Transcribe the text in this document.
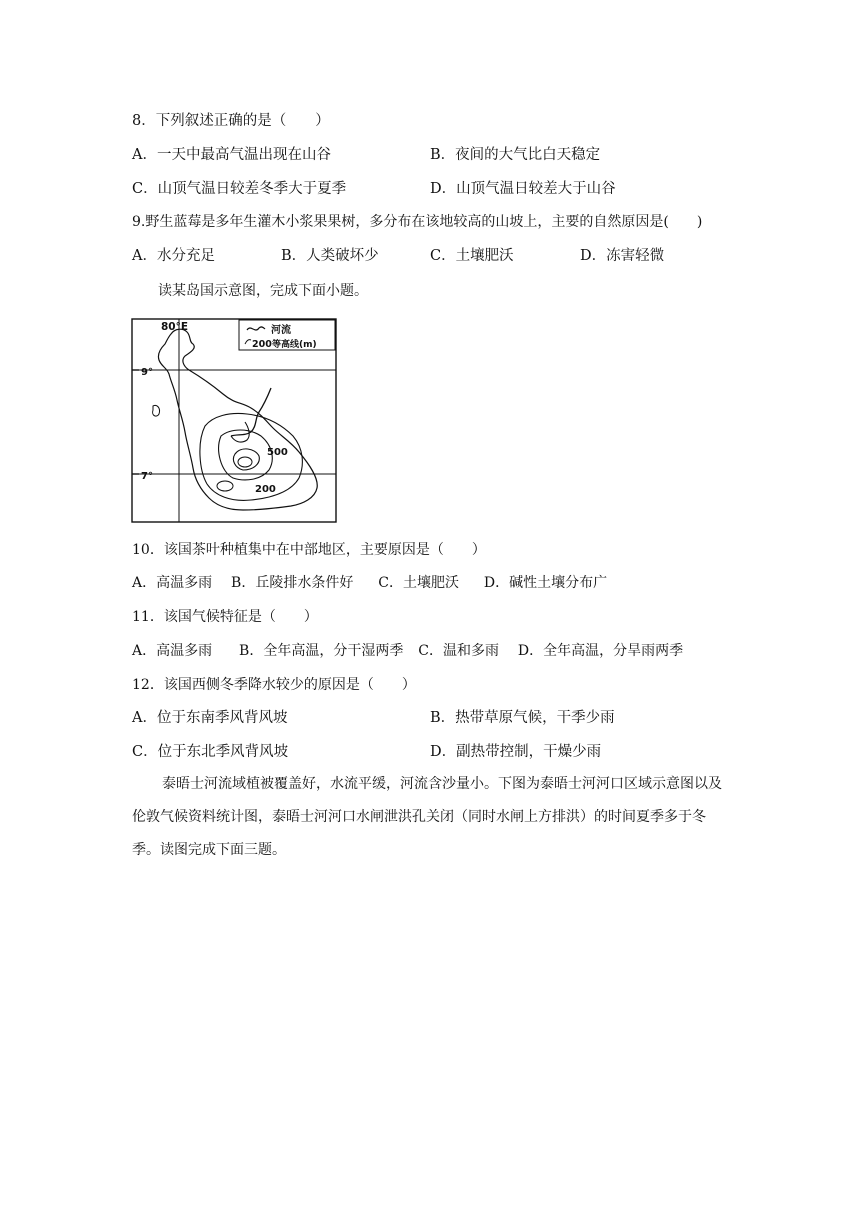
8．下列叙述正确的是（　　）
A．一天中最高气温出现在山谷	B．夜间的大气比白天稳定
C．山顶气温日较差冬季大于夏季	D．山顶气温日较差大于山谷
9.野生蓝莓是多年生灌木小浆果果树，多分布在该地较高的山坡上，主要的自然原因是(　　)
A．水分充足	B．人类破坏少	C．土壤肥沃	D．冻害轻微
读某岛国示意图，完成下面小题。
80°E
9°
7°
500
200
河流
200 等高线(m)
10．该国茶叶种植集中在中部地区，主要原因是（　　）
A．高温多雨 B．丘陵排水条件好 C．土壤肥沃 D．碱性土壤分布广
11．该国气候特征是（　　）
A．高温多雨 B．全年高温，分干湿两季 C．温和多雨 D．全年高温，分旱雨两季
12．该国西侧冬季降水较少的原因是（　　）
A．位于东南季风背风坡	B．热带草原气候，干季少雨
C．位于东北季风背风坡	D．副热带控制，干燥少雨
泰晤士河流域植被覆盖好，水流平缓，河流含沙量小。下图为泰晤士河河口区域示意图以及伦敦气候资料统计图，泰晤士河河口水闸泄洪孔关闭（同时水闸上方排洪）的时间夏季多于冬季。读图完成下面三题。
